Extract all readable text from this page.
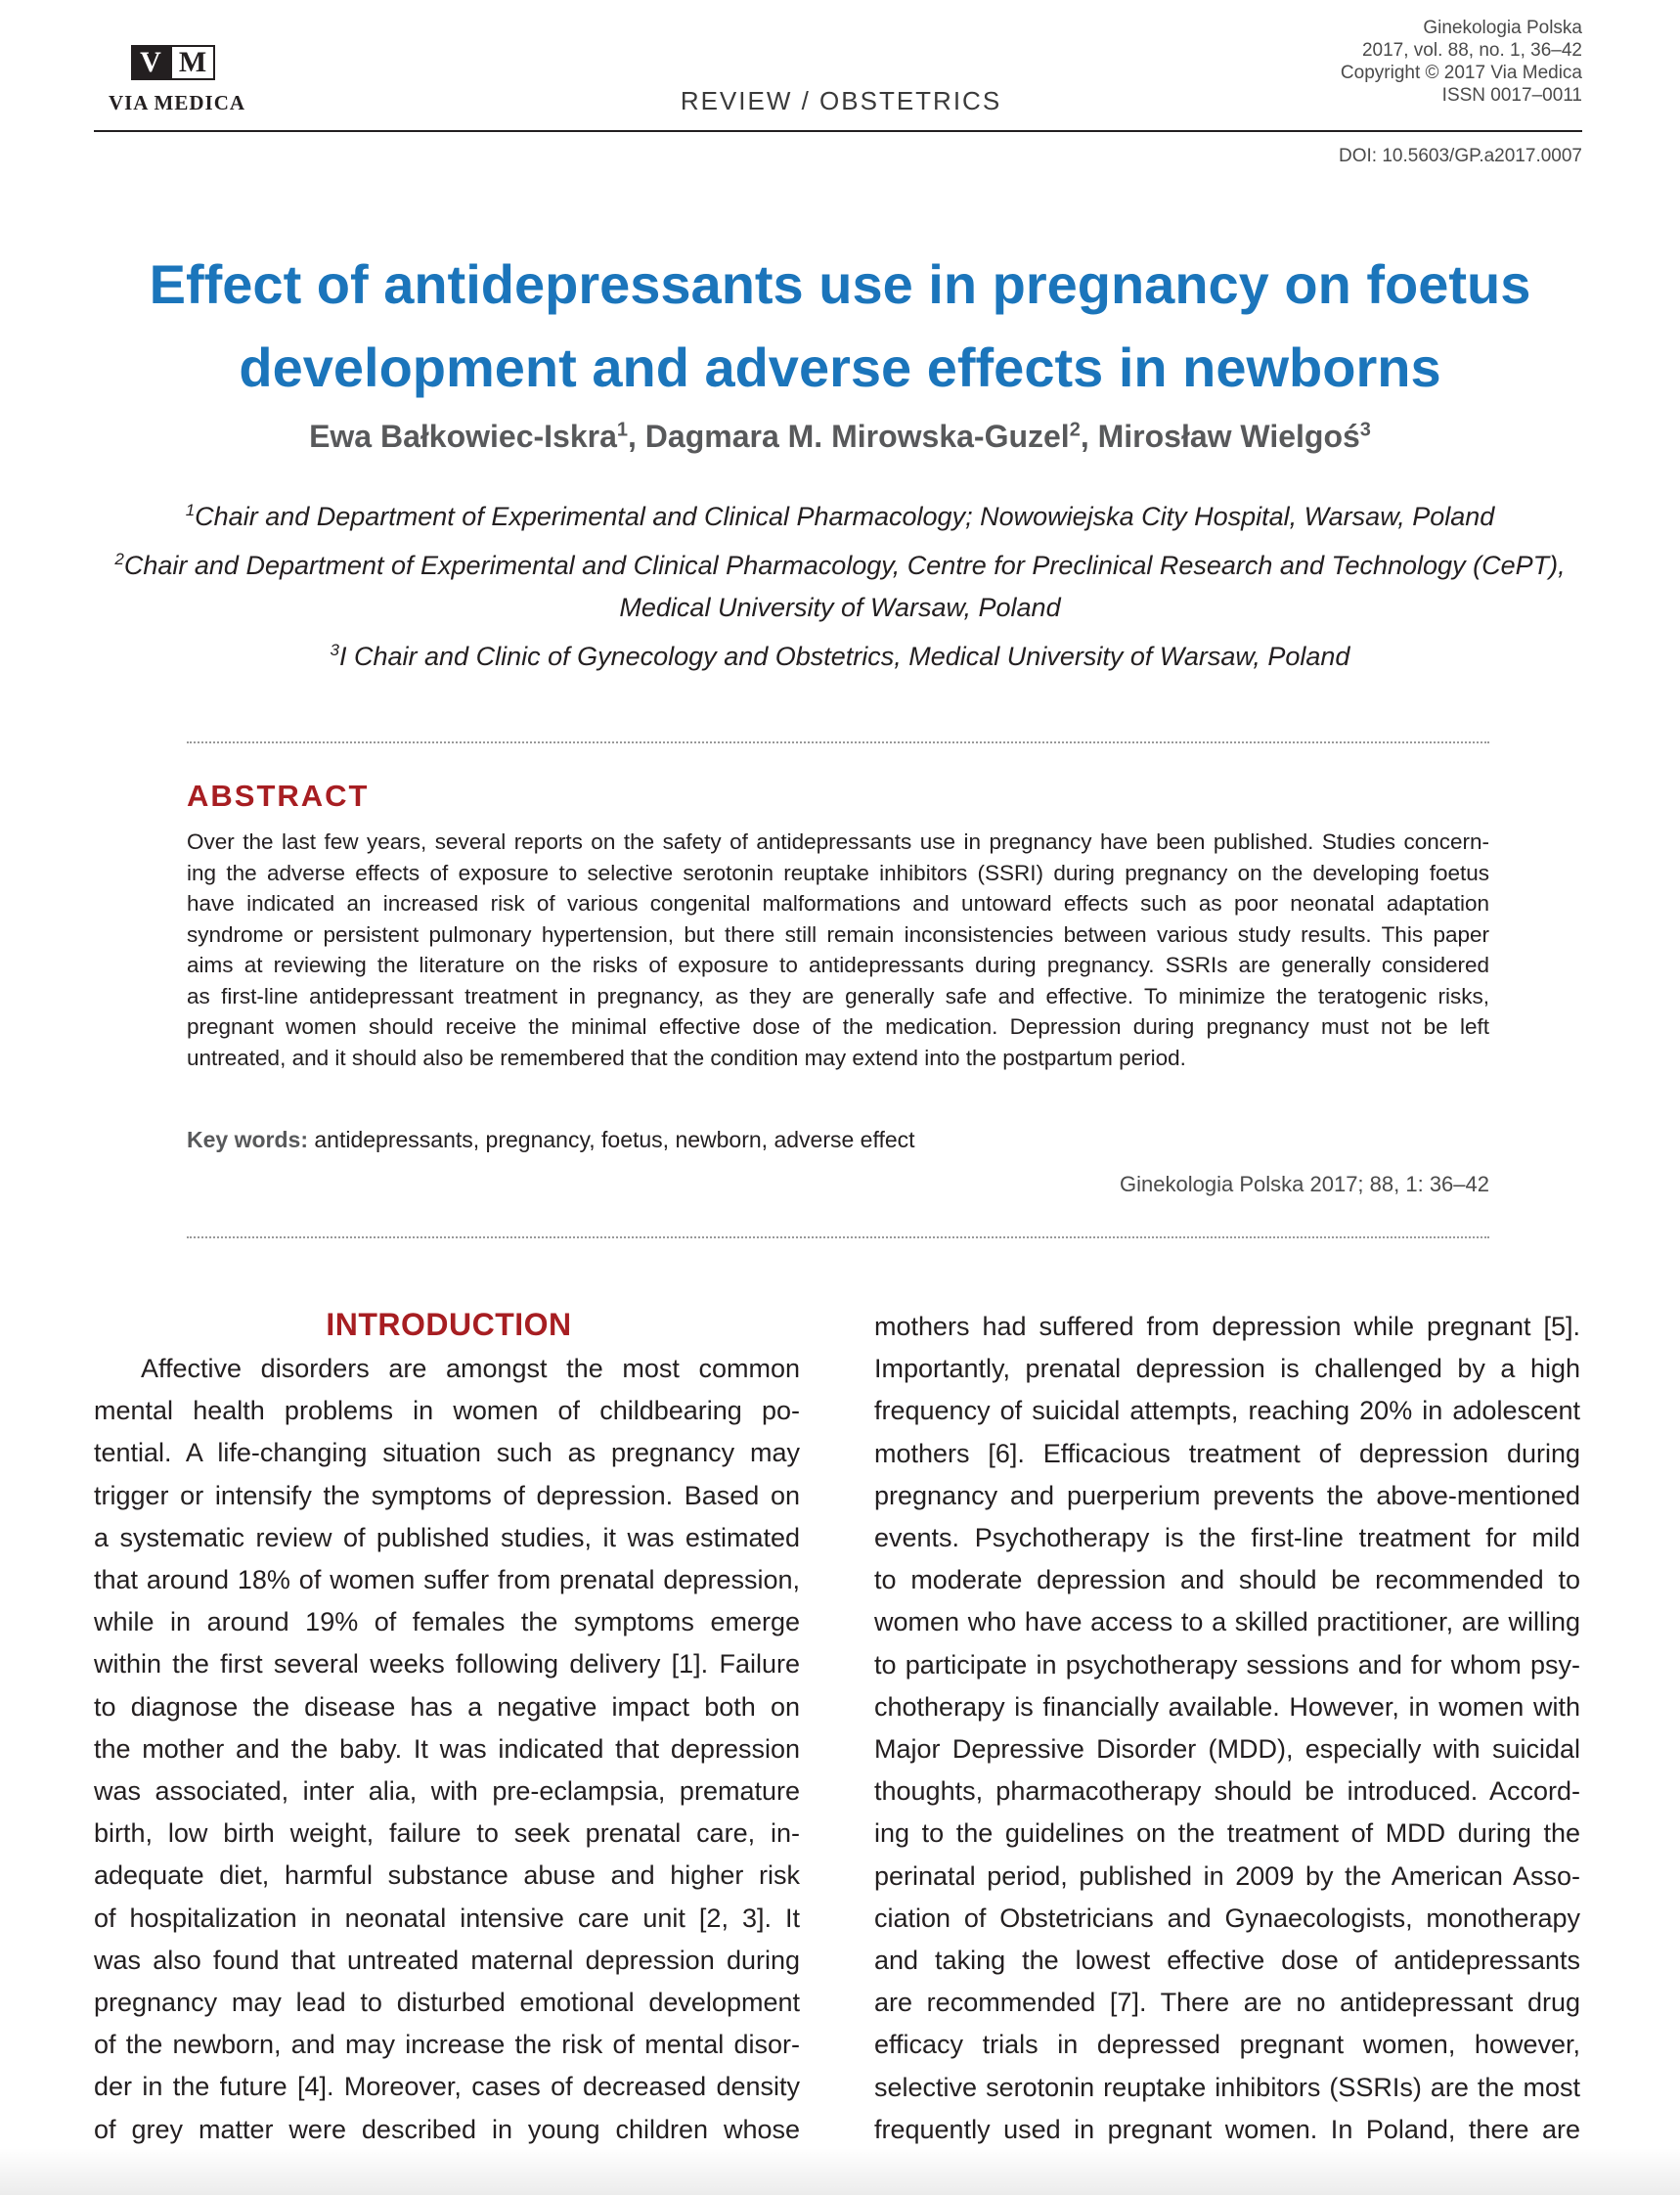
V M
VIA MEDICA	REVIEW / OBSTETRICS
Ginekologia Polska
2017, vol. 88, no. 1, 36–42
Copyright © 2017 Via Medica
ISSN 0017–0011
DOI: 10.5603/GP.a2017.0007
Effect of antidepressants use in pregnancy on foetus
development and adverse effects in newborns
Ewa Bałkowiec-Iskra$^1$, Dagmara M. Mirowska-Guzel$^2$, Mirosław Wielgoś$^3$
$^1$Chair and Department of Experimental and Clinical Pharmacology; Nowowiejska City Hospital, Warsaw, Poland
$^2$Chair and Department of Experimental and Clinical Pharmacology, Centre for Preclinical Research and Technology (CePT),
Medical University of Warsaw, Poland
$^3$I Chair and Clinic of Gynecology and Obstetrics, Medical University of Warsaw, Poland
ABSTRACT
Over the last few years, several reports on the safety of antidepressants use in pregnancy have been published. Studies concern-
ing the adverse effects of exposure to selective serotonin reuptake inhibitors (SSRI) during pregnancy on the developing foetus
have indicated an increased risk of various congenital malformations and untoward effects such as poor neonatal adaptation
syndrome or persistent pulmonary hypertension, but there still remain inconsistencies between various study results. This paper
aims at reviewing the literature on the risks of exposure to antidepressants during pregnancy. SSRIs are generally considered
as first-line antidepressant treatment in pregnancy, as they are generally safe and effective. To minimize the teratogenic risks,
pregnant women should receive the minimal effective dose of the medication. Depression during pregnancy must not be left
untreated, and it should also be remembered that the condition may extend into the postpartum period.
Key words: antidepressants, pregnancy, foetus, newborn, adverse effect
Ginekologia Polska 2017; 88, 1: 36–42
INTRODUCTION
Affective disorders are amongst the most common
mental health problems in women of childbearing po-
tential. A life-changing situation such as pregnancy may
trigger or intensify the symptoms of depression. Based on
a systematic review of published studies, it was estimated
that around 18% of women suffer from prenatal depression,
while in around 19% of females the symptoms emerge
within the first several weeks following delivery [1]. Failure
to diagnose the disease has a negative impact both on
the mother and the baby. It was indicated that depression
was associated, inter alia, with pre-eclampsia, premature
birth, low birth weight, failure to seek prenatal care, in-
adequate diet, harmful substance abuse and higher risk
of hospitalization in neonatal intensive care unit [2, 3]. It
was also found that untreated maternal depression during
pregnancy may lead to disturbed emotional development
of the newborn, and may increase the risk of mental disor-
der in the future [4]. Moreover, cases of decreased density
of grey matter were described in young children whose
mothers had suffered from depression while pregnant [5].
Importantly, prenatal depression is challenged by a high
frequency of suicidal attempts, reaching 20% in adolescent
mothers [6]. Efficacious treatment of depression during
pregnancy and puerperium prevents the above-mentioned
events. Psychotherapy is the first-line treatment for mild
to moderate depression and should be recommended to
women who have access to a skilled practitioner, are willing
to participate in psychotherapy sessions and for whom psy-
chotherapy is financially available. However, in women with
Major Depressive Disorder (MDD), especially with suicidal
thoughts, pharmacotherapy should be introduced. Accord-
ing to the guidelines on the treatment of MDD during the
perinatal period, published in 2009 by the American Asso-
ciation of Obstetricians and Gynaecologists, monotherapy
and taking the lowest effective dose of antidepressants
are recommended [7]. There are no antidepressant drug
efficacy trials in depressed pregnant women, however,
selective serotonin reuptake inhibitors (SSRIs) are the most
frequently used in pregnant women. In Poland, there are
